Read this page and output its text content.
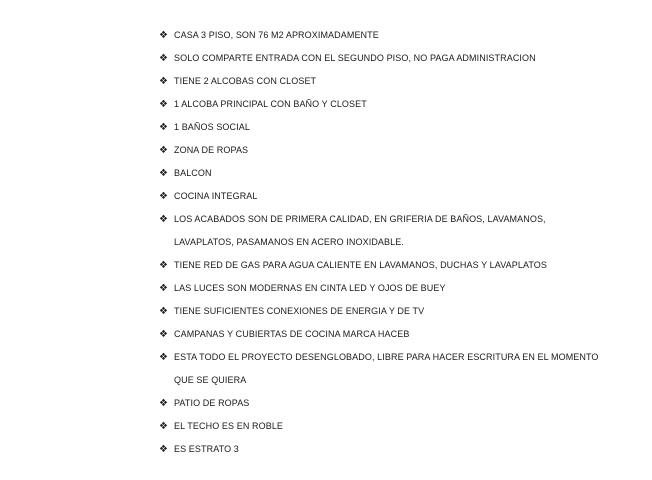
❖ CASA 3 PISO, SON 76 M2 APROXIMADAMENTE
❖ SOLO COMPARTE ENTRADA CON EL SEGUNDO PISO, NO PAGA ADMINISTRACION
❖ TIENE 2 ALCOBAS CON CLOSET
❖ 1 ALCOBA PRINCIPAL CON BAÑO Y CLOSET
❖ 1 BAÑOS SOCIAL
❖ ZONA DE ROPAS
❖ BALCON
❖ COCINA INTEGRAL
❖ LOS ACABADOS SON DE PRIMERA CALIDAD, EN GRIFERIA DE BAÑOS, LAVAMANOS, LAVAPLATOS, PASAMANOS EN ACERO INOXIDABLE.
❖ TIENE RED DE GAS PARA AGUA CALIENTE EN LAVAMANOS, DUCHAS Y LAVAPLATOS
❖ LAS LUCES SON MODERNAS EN CINTA LED Y OJOS DE BUEY
❖ TIENE SUFICIENTES CONEXIONES DE ENERGIA Y DE TV
❖ CAMPANAS Y CUBIERTAS DE COCINA MARCA HACEB
❖ ESTA TODO EL PROYECTO DESENGLOBADO, LIBRE PARA HACER ESCRITURA EN EL MOMENTO QUE SE QUIERA
❖ PATIO DE ROPAS
❖ EL TECHO ES EN ROBLE
❖ ES ESTRATO 3
